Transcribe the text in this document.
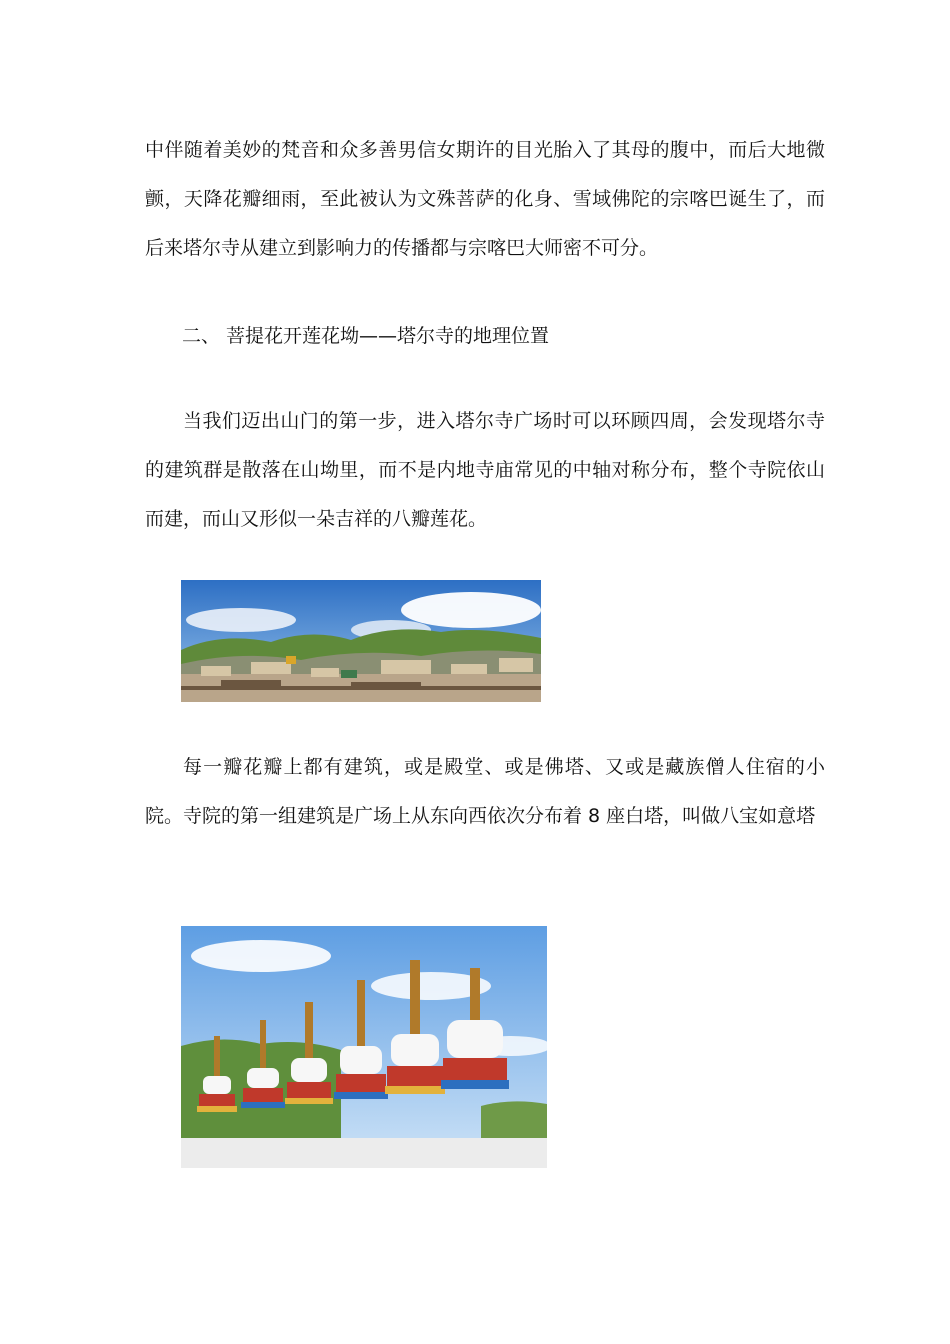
中伴随着美妙的梵音和众多善男信女期许的目光胎入了其母的腹中，而后大地微颤，天降花瓣细雨，至此被认为文殊菩萨的化身、雪域佛陀的宗喀巴诞生了，而后来塔尔寺从建立到影响力的传播都与宗喀巴大师密不可分。

二、 菩提花开莲花坳——塔尔寺的地理位置

当我们迈出山门的第一步，进入塔尔寺广场时可以环顾四周，会发现塔尔寺的建筑群是散落在山坳里，而不是内地寺庙常见的中轴对称分布，整个寺院依山而建，而山又形似一朵吉祥的八瓣莲花。

每一瓣花瓣上都有建筑，或是殿堂、或是佛塔、又或是藏族僧人住宿的小院。寺院的第一组建筑是广场上从东向西依次分布着 8 座白塔，叫做八宝如意塔
